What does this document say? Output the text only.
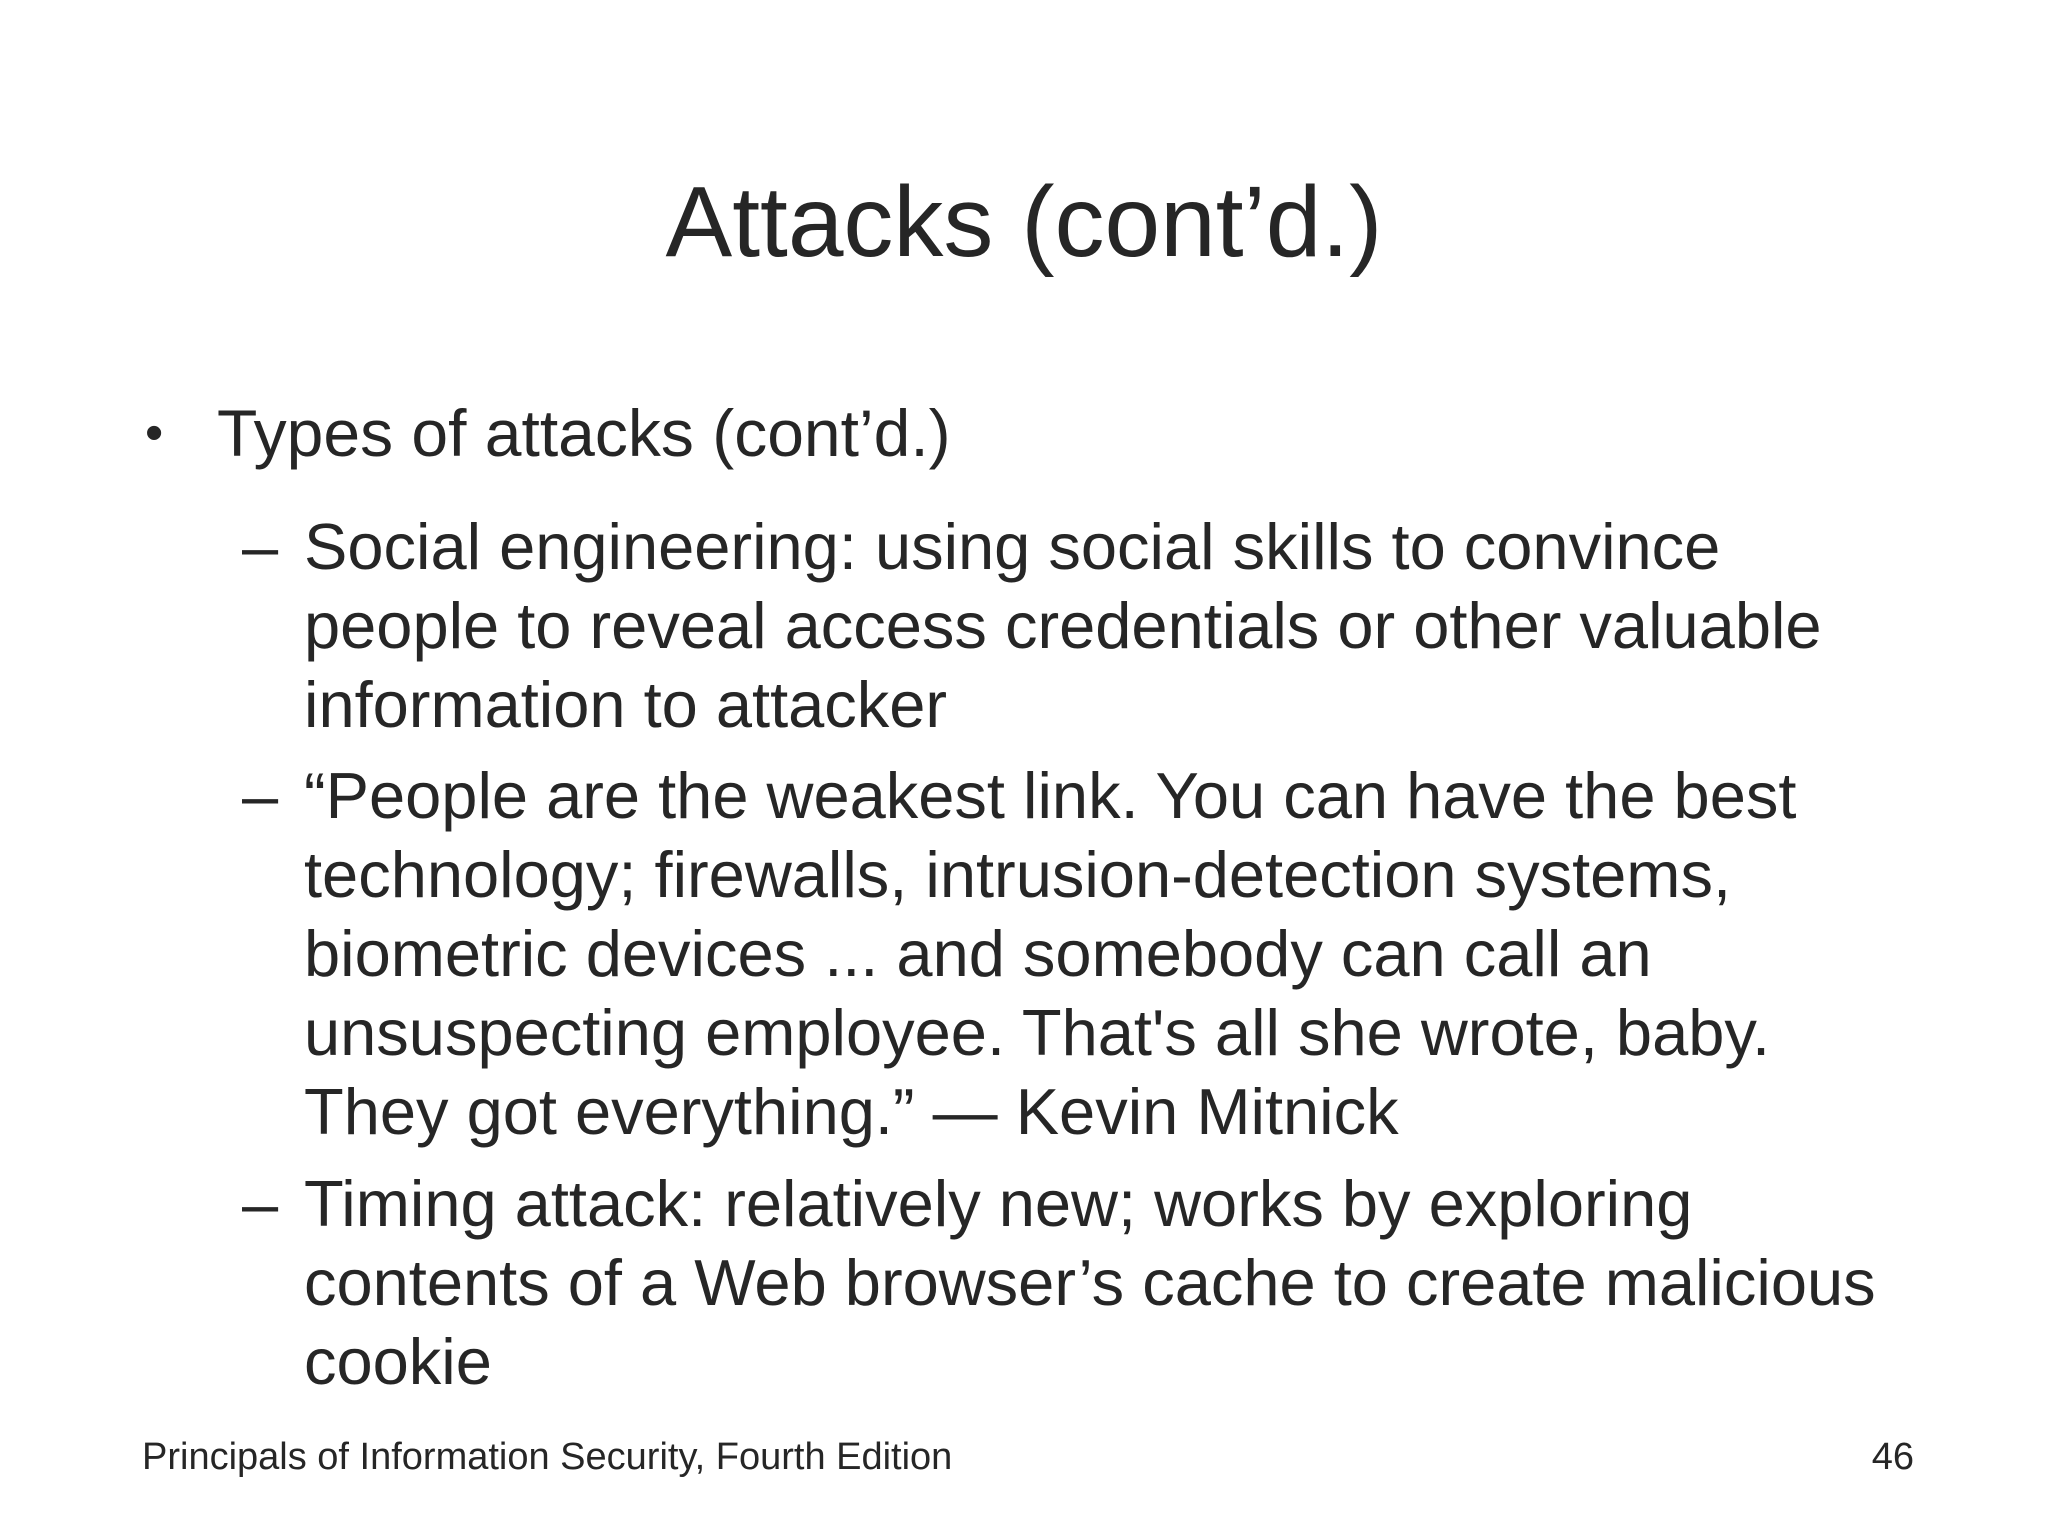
Attacks (cont’d.)
• Types of attacks (cont’d.)
– Social engineering: using social skills to convince
people to reveal access credentials or other valuable
information to attacker
– “People are the weakest link. You can have the best
technology; firewalls, intrusion-detection systems,
biometric devices ... and somebody can call an
unsuspecting employee. That's all she wrote, baby.
They got everything.” — Kevin Mitnick
– Timing attack: relatively new; works by exploring
contents of a Web browser’s cache to create malicious
cookie
Principals of Information Security, Fourth Edition	46
